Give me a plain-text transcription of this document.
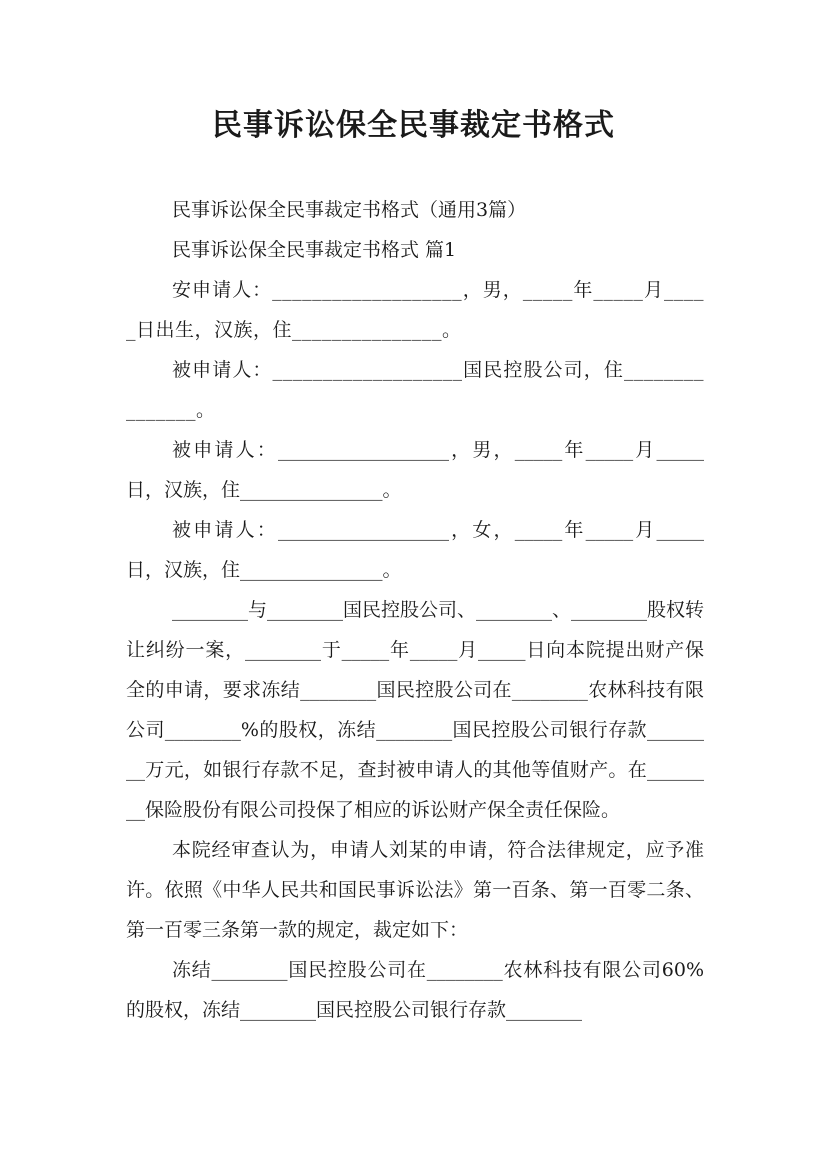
民事诉讼保全民事裁定书格式

民事诉讼保全民事裁定书格式（通用3篇）

民事诉讼保全民事裁定书格式 篇1

安申请人：___________________，男，_____年_____月_____日出生，汉族，住_______________。

被申请人：___________________国民控股公司，住_______________。

被申请人：__________________，男，_____年_____月_____日，汉族，住_______________。

被申请人：__________________，女，_____年_____月_____日，汉族，住_______________。

________与________国民控股公司、________、________股权转让纠纷一案，________于_____年_____月_____日向本院提出财产保全的申请，要求冻结________国民控股公司在________农林科技有限公司________%的股权，冻结________国民控股公司银行存款________万元，如银行存款不足，查封被申请人的其他等值财产。在________保险股份有限公司投保了相应的诉讼财产保全责任保险。

本院经审查认为，申请人刘某的申请，符合法律规定，应予准许。依照《中华人民共和国民事诉讼法》第一百条、第一百零二条、第一百零三条第一款的规定，裁定如下：

冻结________国民控股公司在________农林科技有限公司60%的股权，冻结________国民控股公司银行存款________
